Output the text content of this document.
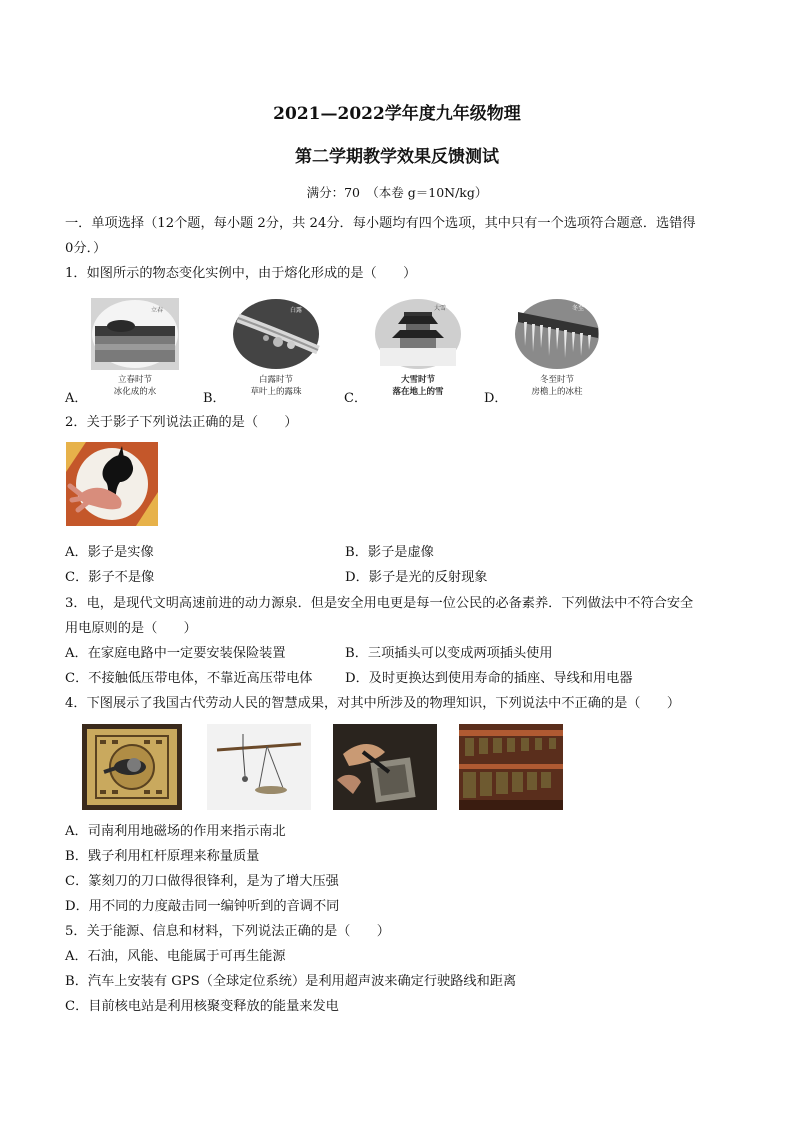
2021—2022学年度九年级物理
第二学期教学效果反馈测试
满分：70　（本卷 g＝10N/kg）
一．单项选择（12个题，每小题 2分，共 24分．每小题均有四个选项，其中只有一个选项符合题意．选错得
0分．）
1．如图所示的物态变化实例中，由于熔化形成的是（　　）
立春
A．
立春时节
冰化成的水
白露
B．
白露时节
草叶上的露珠
大雪
C．
大雪时节
落在地上的雪
冬至
D．
冬至时节
房檐上的冰柱
2．关于影子下列说法正确的是（　　）
A．影子是实像	B．影子是虚像
C．影子不是像	D．影子是光的反射现象
3．电，是现代文明高速前进的动力源泉．但是安全用电更是每一位公民的必备素养．下列做法中不符合安全
用电原则的是（　　）
A．在家庭电路中一定要安装保险装置	B．三项插头可以变成两项插头使用
C．不接触低压带电体，不靠近高压带电体 D．及时更换达到使用寿命的插座、导线和用电器
4．下图展示了我国古代劳动人民的智慧成果，对其中所涉及的物理知识，下列说法中不正确的是（　　）
A．司南利用地磁场的作用来指示南北
B．戥子利用杠杆原理来称量质量
C．篆刻刀的刀口做得很锋利，是为了增大压强
D．用不同的力度敲击同一编钟听到的音调不同
5．关于能源、信息和材料，下列说法正确的是（　　）
A．石油，风能、电能属于可再生能源
B．汽车上安装有 GPS（全球定位系统）是利用超声波来确定行驶路线和距离
C．目前核电站是利用核聚变释放的能量来发电
